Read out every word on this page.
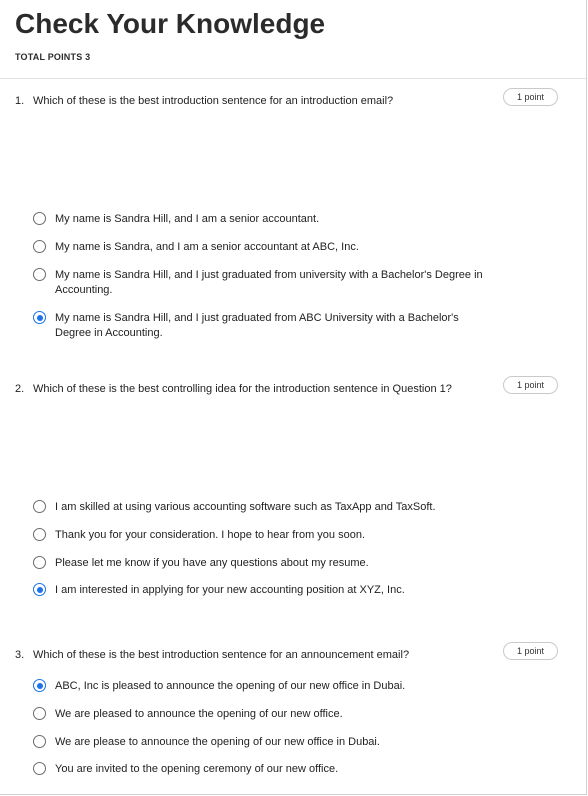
Check Your Knowledge
TOTAL POINTS 3
1. Which of these is the best introduction sentence for an introduction email?	1 point
My name is Sandra Hill, and I am a senior accountant.
My name is Sandra, and I am a senior accountant at ABC, Inc.
My name is Sandra Hill, and I just graduated from university with a Bachelor's Degree in Accounting.
My name is Sandra Hill, and I just graduated from ABC University with a Bachelor's Degree in Accounting.
2. Which of these is the best controlling idea for the introduction sentence in Question 1?	1 point
I am skilled at using various accounting software such as TaxApp and TaxSoft.
Thank you for your consideration. I hope to hear from you soon.
Please let me know if you have any questions about my resume.
I am interested in applying for your new accounting position at XYZ, Inc.
3. Which of these is the best introduction sentence for an announcement email?	1 point
ABC, Inc is pleased to announce the opening of our new office in Dubai.
We are pleased to announce the opening of our new office.
We are please to announce the opening of our new office in Dubai.
You are invited to the opening ceremony of our new office.
